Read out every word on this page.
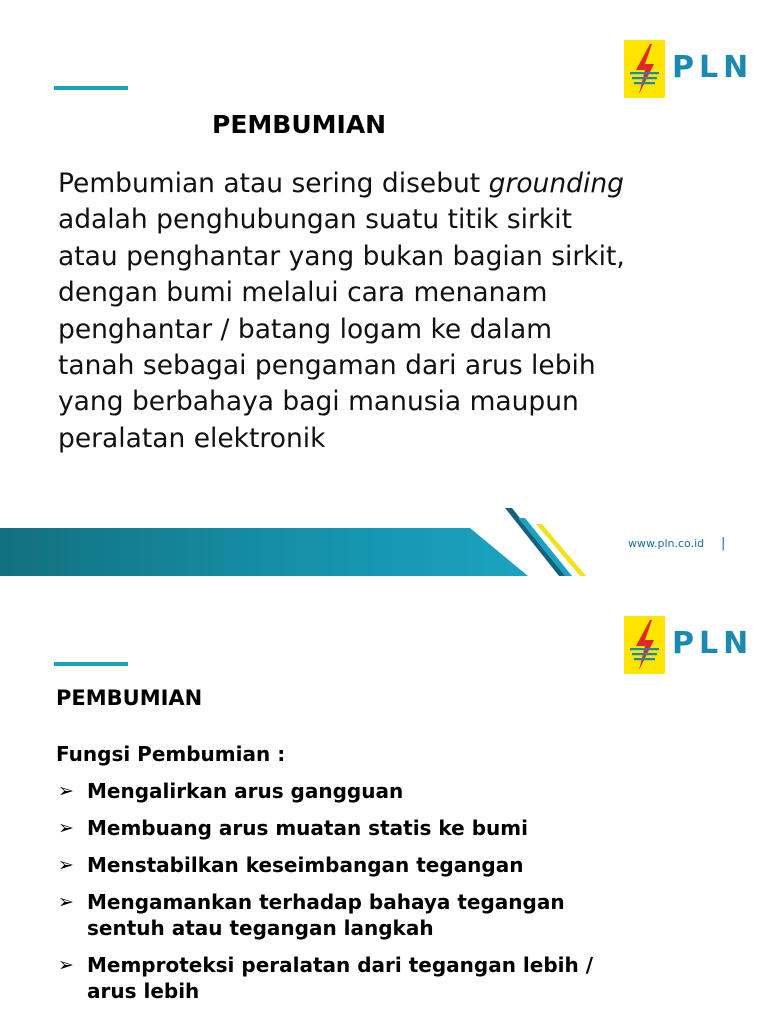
PLN
PEMBUMIAN

Pembumian atau sering disebut grounding
adalah penghubungan suatu titik sirkit
atau penghantar yang bukan bagian sirkit,
dengan bumi melalui cara menanam
penghantar / batang logam ke dalam
tanah sebagai pengaman dari arus lebih
yang berbahaya bagi manusia maupun
peralatan elektronik

www.pln.co.id |
PLN
PEMBUMIAN
Fungsi Pembumian :
➢ Mengalirkan arus gangguan
➢ Membuang arus muatan statis ke bumi
➢ Menstabilkan keseimbangan tegangan
➢ Mengamankan terhadap bahaya tegangan
sentuh atau tegangan langkah
➢ Memproteksi peralatan dari tegangan lebih /
arus lebih
